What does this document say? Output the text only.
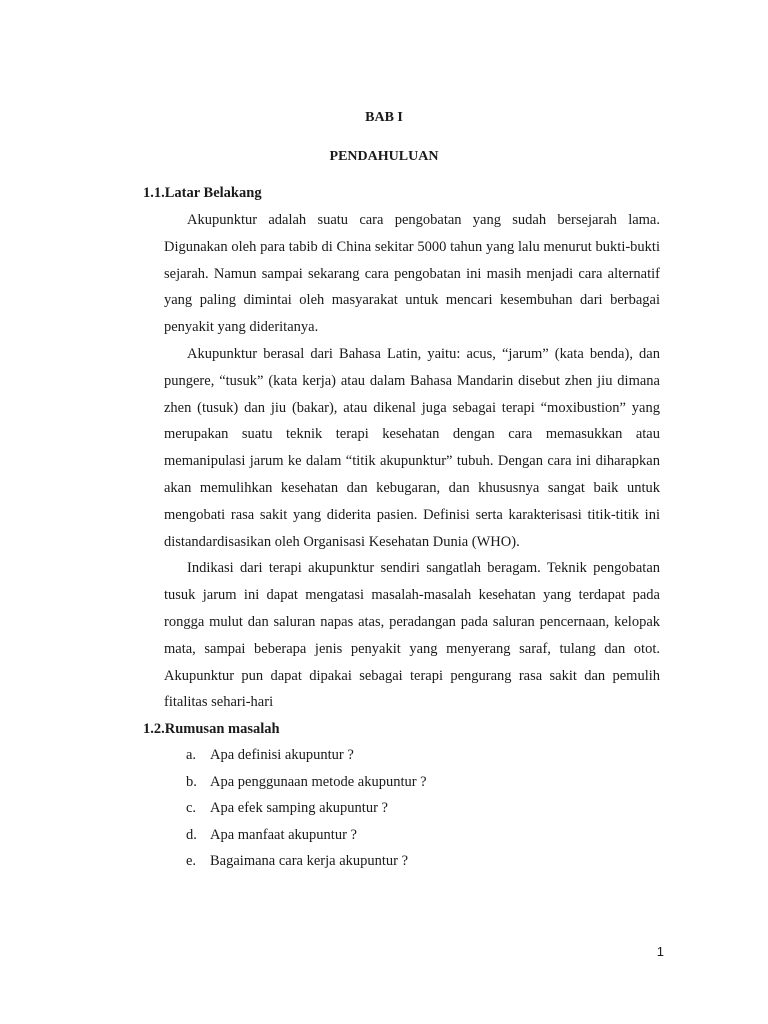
BAB I
PENDAHULUAN
1.1.Latar Belakang

Akupunktur adalah suatu cara pengobatan yang sudah bersejarah lama. Digunakan oleh para tabib di China sekitar 5000 tahun yang lalu menurut bukti-bukti sejarah. Namun sampai sekarang cara pengobatan ini masih menjadi cara alternatif yang paling dimintai oleh masyarakat untuk mencari kesembuhan dari berbagai penyakit yang dideritanya.

Akupunktur berasal dari Bahasa Latin, yaitu: acus, “jarum” (kata benda), dan pungere, “tusuk” (kata kerja) atau dalam Bahasa Mandarin disebut zhen jiu dimana zhen (tusuk) dan jiu (bakar), atau dikenal juga sebagai terapi “moxibustion” yang merupakan suatu teknik terapi kesehatan dengan cara memasukkan atau memanipulasi jarum ke dalam “titik akupunktur” tubuh. Dengan cara ini diharapkan akan memulihkan kesehatan dan kebugaran, dan khususnya sangat baik untuk mengobati rasa sakit yang diderita pasien. Definisi serta karakterisasi titik-titik ini distandardisasikan oleh Organisasi Kesehatan Dunia (WHO).

Indikasi dari terapi akupunktur sendiri sangatlah beragam. Teknik pengobatan tusuk jarum ini dapat mengatasi masalah-masalah kesehatan yang terdapat pada rongga mulut dan saluran napas atas, peradangan pada saluran pencernaan, kelopak mata, sampai beberapa jenis penyakit yang menyerang saraf, tulang dan otot. Akupunktur pun dapat dipakai sebagai terapi pengurang rasa sakit dan pemulih fitalitas sehari-hari

1.2.Rumusan masalah
a. Apa definisi akupuntur ?
b. Apa penggunaan metode akupuntur ?
c. Apa efek samping akupuntur ?
d. Apa manfaat akupuntur ?
e. Bagaimana cara kerja akupuntur ?
1
